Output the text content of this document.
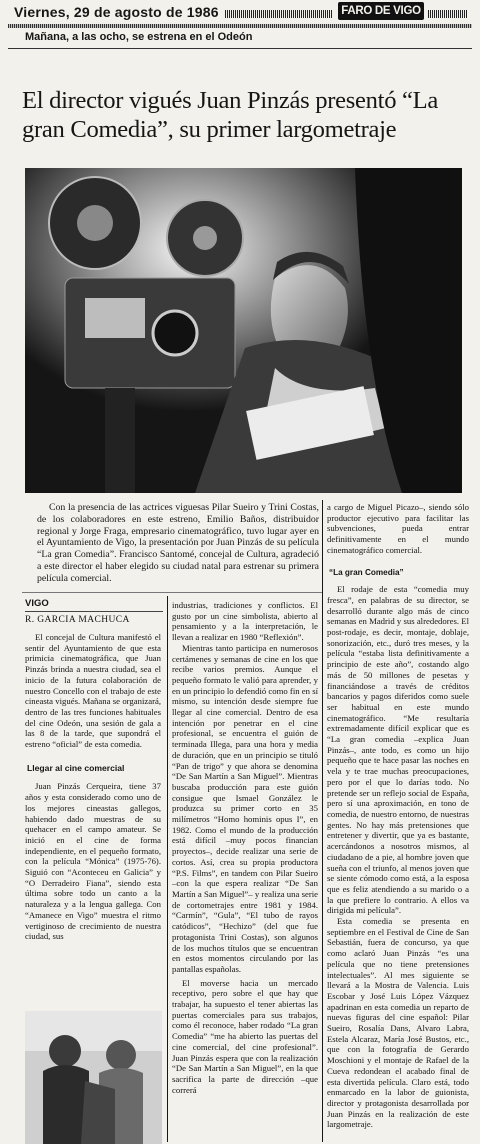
Viernes, 29 de agosto de 1986	FARO DE VIGO
Mañana, a las ocho, se estrena en el Odeón
El director vigués Juan Pinzás presentó “La gran Comedia”, su primer largometraje
Con la presencia de las actrices viguesas Pilar Sueiro y Trini Costas, de los colaboradores en este estreno, Emilio Baños, distribuidor regional y Jorge Fraga, empresario cinematográfico, tuvo lugar ayer en el Ayuntamiento de Vigo, la presentación por Juan Pinzás de su película “La gran Comedia”. Francisco Santomé, concejal de Cultura, agradeció a este director el haber elegido su ciudad natal para estrenar su primera película comercial.
VIGO
R. GARCIA MACHUCA

El concejal de Cultura manifestó el sentir del Ayuntamiento de que esta primicia cinematográfica, que Juan Pinzás brinda a nuestra ciudad, sea el inicio de la futura colaboración de nuestro Concello con el trabajo de este cineasta vigués. Mañana se organizará, dentro de las tres funciones habituales del cine Odeón, una sesión de gala a las 8 de la tarde, que supondrá el estreno “oficial” de esta comedia.

Llegar al cine comercial

Juan Pinzás Cerqueira, tiene 37 años y esta considerado como uno de los mejores cineastas gallegos, habiendo dado muestras de su quehacer en el campo amateur. Se inició en el cine de forma independiente, en el pequeño formato, con la película “Mónica” (1975-76). Siguió con “Aconteceu en Galicia” y “O Derradeiro Fiana”, siendo esta última sobre todo un canto a la naturaleza y a la lengua gallega. Con “Amanece en Vigo” muestra el ritmo vertiginoso de crecimiento de nuestra ciudad, sus

industrias, tradiciones y conflictos. El gusto por un cine simbolista, abierto al pensamiento y a la interpretación, le llevan a realizar en 1980 “Reflexión”.

Mientras tanto participa en numerosos certámenes y semanas de cine en los que recibe varios premios. Aunque el pequeño formato le valió para aprender, y en un principio lo defendió como fin en sí mismo, su intención desde siempre fue llegar al cine comercial. Dentro de esa intención por penetrar en el cine profesional, se encuentra el guión de terminada Illega, para una hora y media de duración, que en un principio se tituló “Pan de trigo” y que ahora se denomina “De San Martín a San Miguel”. Mientras buscaba producción para este guión consigue que Ismael González le produzca su primer corto en 35 milímetros “Homo hominis opus I”, en 1982. Como el mundo de la producción está difícil –muy pocos financian proyectos–, decide realizar una serie de cortos. Así, crea su propia productora “P.S. Films”, en tandem con Pilar Sueiro –con la que espera realizar “De San Martín a San Miguel”– y realiza una serie de cortometrajes entre 1981 y 1984. “Carmín”, “Gula”, “El tubo de rayos catódicos”, “Hechizo” (del que fue protagonista Trini Costas), son algunos de los muchos títulos que se encuentran en estos momentos circulando por las pantallas españolas.

El moverse hacia un mercado receptivo, pero sobre el que hay que trabajar, ha supuesto el tener abiertas las puertas comerciales para sus trabajos, como él reconoce, haber rodado “La gran Comedia” “me ha abierto las puertas del cine comercial, del cine profesional”. Juan Pinzás espera que con la realización “De San Martín a San Miguel”, en la que sacrifica la parte de dirección –que correrá

a cargo de Miguel Picazo–, siendo sólo productor ejecutivo para facilitar las subvenciones, pueda entrar definitivamente en el mundo cinematográfico comercial.

“La gran Comedia”

El rodaje de esta “comedia muy fresca”, en palabras de su director, se desarrolló durante algo más de cinco semanas en Madrid y sus alrededores. El post-rodaje, es decir, montaje, doblaje, sonorización, etc., duró tres meses, y la película “estaba lista definitivamente a principio de este año”, costando algo más de 50 millones de pesetas y financiándose a través de créditos bancarios y pagos diferidos como suele ser habitual en este mundo cinematográfico. “Me resultaría extremadamente difícil explicar que es “La gran comedia –explica Juan Pinzás–, ante todo, es como un hijo pequeño que te hace pasar las noches en vela y te trae muchas preocupaciones, pero por el que lo darías todo. No pretende ser un reflejo social de España, pero sí una aproximación, en tono de comedia, de nuestro entorno, de nuestras gentes. No hay más pretensiones que entretener y divertir, que ya es bastante, acercándonos a nosotros mismos, al ciudadano de a pie, al hombre joven que sueña con el triunfo, al menos joven que se siente cómodo como está, a la esposa que es feliz atendiendo a su marido o a la que prefiere lo contrario. A ellos va dirigida mi película”.

Esta comedia se presenta en septiembre en el Festival de Cine de San Sebastián, fuera de concurso, ya que como aclaró Juan Pinzás “es una película que no tiene pretensiones intelectuales”. Al mes siguiente se llevará a la Mostra de Valencia. Luis Escobar y José Luis López Vázquez apadrinan en esta comedia un reparto de nuevas figuras del cine español: Pilar Sueiro, Rosalía Dans, Alvaro Labra, Estela Alcaraz, María José Bustos, etc., que con la fotografía de Gerardo Moschioni y el montaje de Rafael de la Cueva redondean el acabado final de esta divertida película. Claro está, todo enmarcado en la labor de guionista, director y protagonista desarrollada por Juan Pinzás en la realización de este largometraje.
